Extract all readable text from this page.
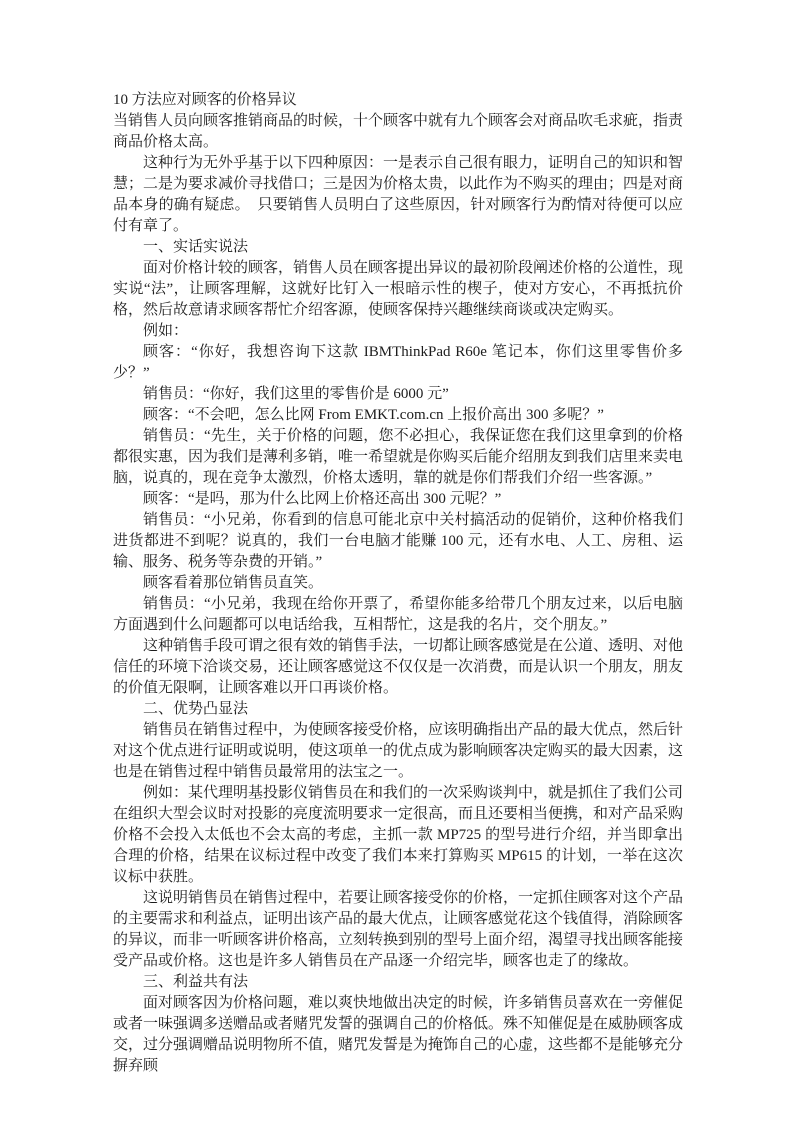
10 方法应对顾客的价格异议

当销售人员向顾客推销商品的时候，十个顾客中就有九个顾客会对商品吹毛求疵，指责商品价格太高。

这种行为无外乎基于以下四种原因：一是表示自己很有眼力，证明自己的知识和智慧；二是为要求减价寻找借口；三是因为价格太贵，以此作为不购买的理由；四是对商品本身的确有疑虑。　只要销售人员明白了这些原因，针对顾客行为酌情对待便可以应付有章了。

一、实话实说法

面对价格计较的顾客，销售人员在顾客提出异议的最初阶段阐述价格的公道性，现实说“法”，让顾客理解，这就好比钉入一根暗示性的楔子，使对方安心，不再抵抗价格，然后故意请求顾客帮忙介绍客源，使顾客保持兴趣继续商谈或决定购买。

例如：

顾客：“你好，我想咨询下这款 IBMThinkPad R60e 笔记本，你们这里零售价多少？”

销售员：“你好，我们这里的零售价是 6000 元”

顾客：“不会吧，怎么比网 From EMKT.com.cn 上报价高出 300 多呢？”

销售员：“先生，关于价格的问题，您不必担心，我保证您在我们这里拿到的价格都很实惠，因为我们是薄利多销，唯一希望就是你购买后能介绍朋友到我们店里来卖电脑，说真的，现在竞争太激烈，价格太透明，靠的就是你们帮我们介绍一些客源。”

顾客：“是吗，那为什么比网上价格还高出 300 元呢？”

销售员：“小兄弟，你看到的信息可能北京中关村搞活动的促销价，这种价格我们进货都进不到呢？说真的，我们一台电脑才能赚 100 元，还有水电、人工、房租、运输、服务、税务等杂费的开销。”

顾客看着那位销售员直笑。

销售员：“小兄弟，我现在给你开票了，希望你能多给带几个朋友过来，以后电脑方面遇到什么问题都可以电话给我，互相帮忙，这是我的名片，交个朋友。”

这种销售手段可谓之很有效的销售手法，一切都让顾客感觉是在公道、透明、对他信任的环境下洽谈交易，还让顾客感觉这不仅仅是一次消费，而是认识一个朋友，朋友的价值无限啊，让顾客难以开口再谈价格。

二、优势凸显法

销售员在销售过程中，为使顾客接受价格，应该明确指出产品的最大优点，然后针对这个优点进行证明或说明，使这项单一的优点成为影响顾客决定购买的最大因素，这也是在销售过程中销售员最常用的法宝之一。

例如：某代理明基投影仪销售员在和我们的一次采购谈判中，就是抓住了我们公司在组织大型会议时对投影的亮度流明要求一定很高，而且还要相当便携，和对产品采购价格不会投入太低也不会太高的考虑，主抓一款 MP725 的型号进行介绍，并当即拿出合理的价格，结果在议标过程中改变了我们本来打算购买 MP615 的计划，一举在这次议标中获胜。

这说明销售员在销售过程中，若要让顾客接受你的价格，一定抓住顾客对这个产品的主要需求和利益点，证明出该产品的最大优点，让顾客感觉花这个钱值得，消除顾客的异议，而非一听顾客讲价格高，立刻转换到别的型号上面介绍，渴望寻找出顾客能接受产品或价格。这也是许多人销售员在产品逐一介绍完毕，顾客也走了的缘故。

三、利益共有法

面对顾客因为价格问题，难以爽快地做出决定的时候，许多销售员喜欢在一旁催促或者一味强调多送赠品或者赌咒发誓的强调自己的价格低。殊不知催促是在威胁顾客成交，过分强调赠品说明物所不值，赌咒发誓是为掩饰自己的心虚，这些都不是能够充分摒弃顾
